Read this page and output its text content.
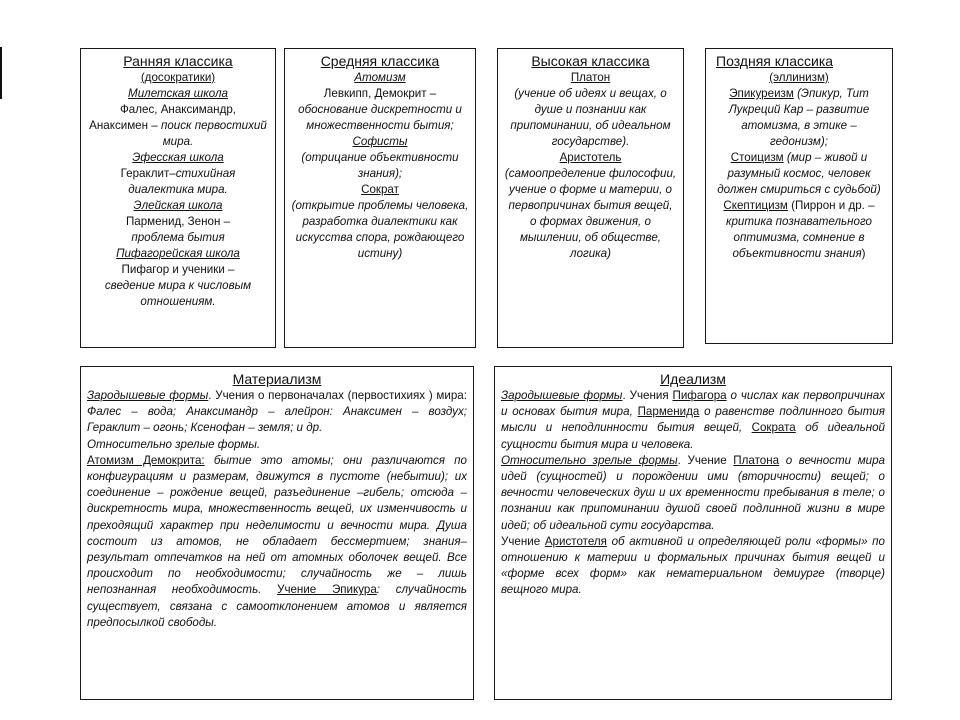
Ранняя классика
(досократики)
Милетская школа
Фалес, Анаксимандр,
Анаксимен – поиск первостихий мира.
Эфесская школа
Гераклит–стихийная диалектика мира.
Элейская школа
Парменид, Зенон –
проблема бытия
Пифагорейская школа
Пифагор и ученики –
сведение мира к числовым отношениям.
Средняя классика
Атомизм
Левкипп, Демокрит –
обоснование дискретности и множественности бытия;
Софисты
(отрицание объективности знания);
Сократ
(открытие проблемы человека, разработка диалектики как искусства спора, рождающего истину)
Высокая классика
Платон
(учение об идеях и вещах, о душе и познании как припоминании, об идеальном государстве).
Аристотель
(самоопределение философии, учение о форме и материи, о первопричинах бытия вещей, о формах движения, о мышлении, об обществе, логика)
Поздняя классика
(эллинизм)
Эпикуреизм (Эпикур, Тит Лукреций Кар – развитие атомизма, в этике – гедонизм);
Стоицизм (мир – живой и разумный космос, человек должен смириться с судьбой)
Скептицизм (Пиррон и др. – критика познавательного оптимизма, сомнение в объективности знания)
Материализм
Зародышевые формы. Учения о первоначалах (первостихиях ) мира: Фалес – вода; Анаксимандр – алейрон: Анаксимен – воздух; Гераклит – огонь; Ксенофан – земля; и др.
Относительно зрелые формы.
Атомизм Демокрита: бытие это атомы; они различаются по конфигурациям и размерам, движутся в пустоте (небытии); их соединение – рождение вещей, разъединение –гибель; отсюда – дискретность мира, множественность вещей, их изменчивость и преходящий характер при неделимости и вечности мира. Душа состоит из атомов, не обладает бессмертием; знания– результат отпечатков на ней от атомных оболочек вещей. Все происходит по необходимости; случайность же – лишь непознанная необходимость. Учение Эпикура: случайность существует, связана с самоотклонением атомов и является предпосылкой свободы.
Идеализм
Зародышевые формы. Учения Пифагора о числах как первопричинах и основах бытия мира, Парменида о равенстве подлинного бытия мысли и неподлинности бытия вещей, Сократа об идеальной сущности бытия мира и человека.
Относительно зрелые формы. Учение Платона о вечности мира идей (сущностей) и порождении ими (вторичности) вещей; о вечности человеческих душ и их временности пребывания в теле; о познании как припоминании душой своей подлинной жизни в мире идей; об идеальной сути государства.
Учение Аристотеля об активной и определяющей роли «формы» по отношению к материи и формальных причинах бытия вещей и «форме всех форм» как нематериальном демиурге (творце) вещного мира.
